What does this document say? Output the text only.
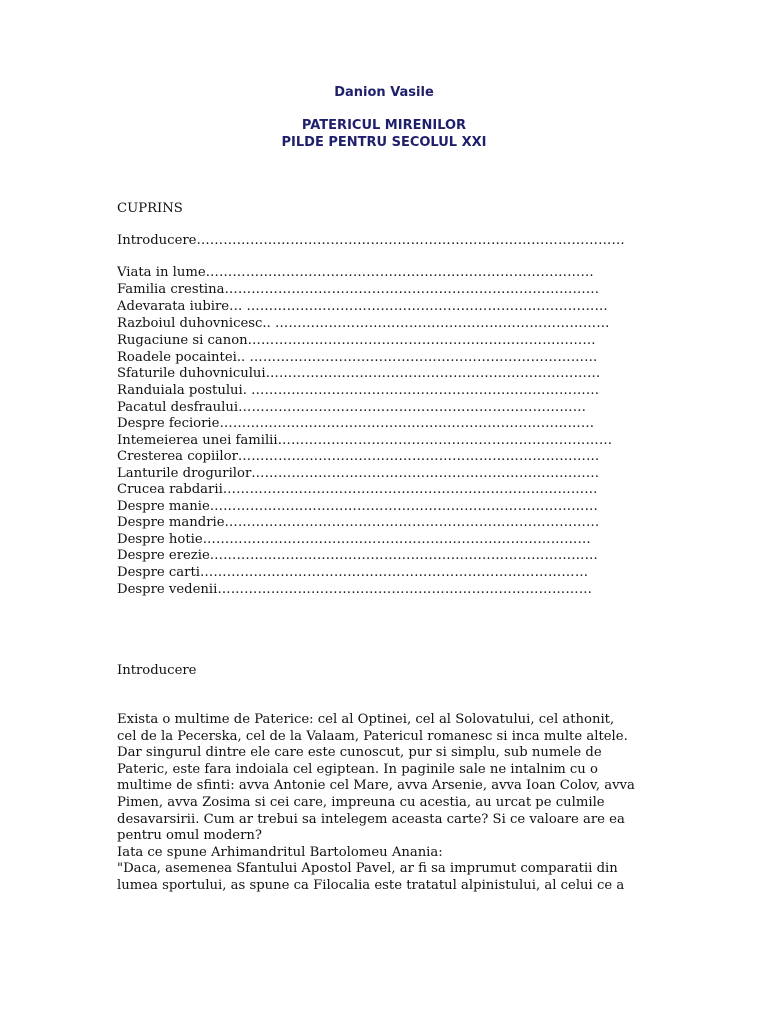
Danion Vasile
PATERICUL MIRENILOR
PILDE PENTRU SECOLUL XXI
CUPRINS
Introducere……………………………………………………………………………………
Viata in lume……………………………………………………………………………
Familia crestina…………………………………………………………………………
Adevarata iubire… ………………………………………………………………………
Razboiul duhovnicesc.. …………………………………………………………………
Rugaciune si canon……………………………………………………………………
Roadele pocaintei.. ……………………………………………………………………
Sfaturile duhovnicului…………………………………………………………………
Randuiala postului. ……………………………………………………………………
Pacatul desfraului……………………………………………………………………
Despre feciorie…………………………………………………………………………
Intemeierea unei familii…………………………………………………………………
Cresterea copiilor………………………………………………………………………
Lanturile drogurilor……………………………………………………………………
Crucea rabdarii…………………………………………………………………………
Despre manie……………………………………………………………………………
Despre mandrie…………………………………………………………………………
Despre hotie……………………………………………………………………………
Despre erezie……………………………………………………………………………
Despre carti……………………………………………………………………………
Despre vedenii…………………………………………………………………………
Introducere
Exista o multime de Paterice: cel al Optinei, cel al Solovatului, cel athonit,
cel de la Pecerska, cel de la Valaam, Patericul romanesc si inca multe altele.
Dar singurul dintre ele care este cunoscut, pur si simplu, sub numele de
Pateric, este fara indoiala cel egiptean. In paginile sale ne intalnim cu o
multime de sfinti: avva Antonie cel Mare, avva Arsenie, avva Ioan Colov, avva
Pimen, avva Zosima si cei care, impreuna cu acestia, au urcat pe culmile
desavarsirii. Cum ar trebui sa intelegem aceasta carte? Si ce valoare are ea
pentru omul modern?
Iata ce spune Arhimandritul Bartolomeu Anania:
"Daca, asemenea Sfantului Apostol Pavel, ar fi sa imprumut comparatii din
lumea sportului, as spune ca Filocalia este tratatul alpinistului, al celui ce a
